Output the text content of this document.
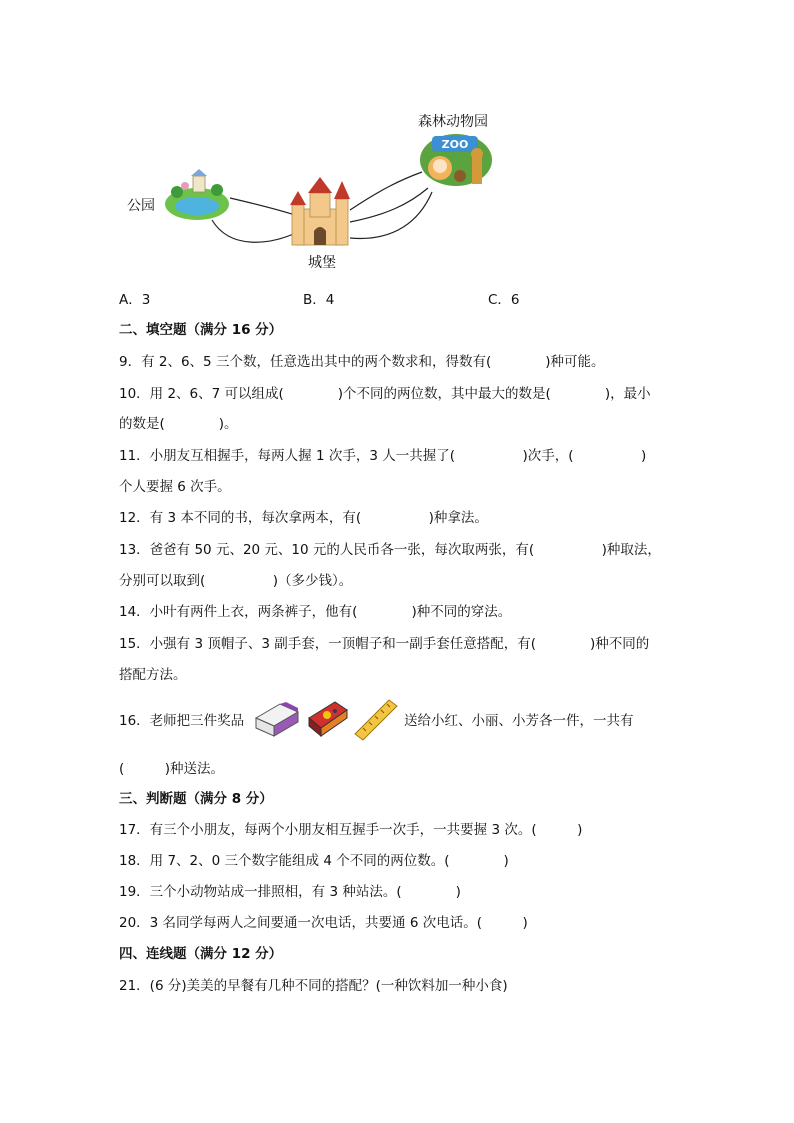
公园
城堡
森林动物园
ZOO
A．3	B．4	C．6
二、填空题（满分 16 分）
9．有 2、6、5 三个数，任意选出其中的两个数求和，得数有(　　　　)种可能。
10．用 2、6、7 可以组成(　　　　)个不同的两位数，其中最大的数是(　　　　)，最小
的数是(　　　　)。
11．小朋友互相握手，每两人握 1 次手，3 人一共握了(　　　　　)次手，(　　　　　)
个人要握 6 次手。
12．有 3 本不同的书，每次拿两本，有(　　　　　)种拿法。
13．爸爸有 50 元、20 元、10 元的人民币各一张，每次取两张，有(　　　　　)种取法，
分别可以取到(　　　　　)（多少钱）。
14．小叶有两件上衣，两条裤子，他有(　　　　)种不同的穿法。
15．小强有 3 顶帽子、3 副手套，一顶帽子和一副手套任意搭配，有(　　　　)种不同的
搭配方法。
16．老师把三件奖品	送给小红、小丽、小芳各一件，一共有
(　　　)种送法。
三、判断题（满分 8 分）
17．有三个小朋友，每两个小朋友相互握手一次手，一共要握 3 次。(　　　)
18．用 7、2、0 三个数字能组成 4 个不同的两位数。(　　　　)
19．三个小动物站成一排照相，有 3 种站法。(　　　　)
20．3 名同学每两人之间要通一次电话，共要通 6 次电话。(　　　)
四、连线题（满分 12 分）
21．(6 分)美美的早餐有几种不同的搭配？(一种饮料加一种小食)
